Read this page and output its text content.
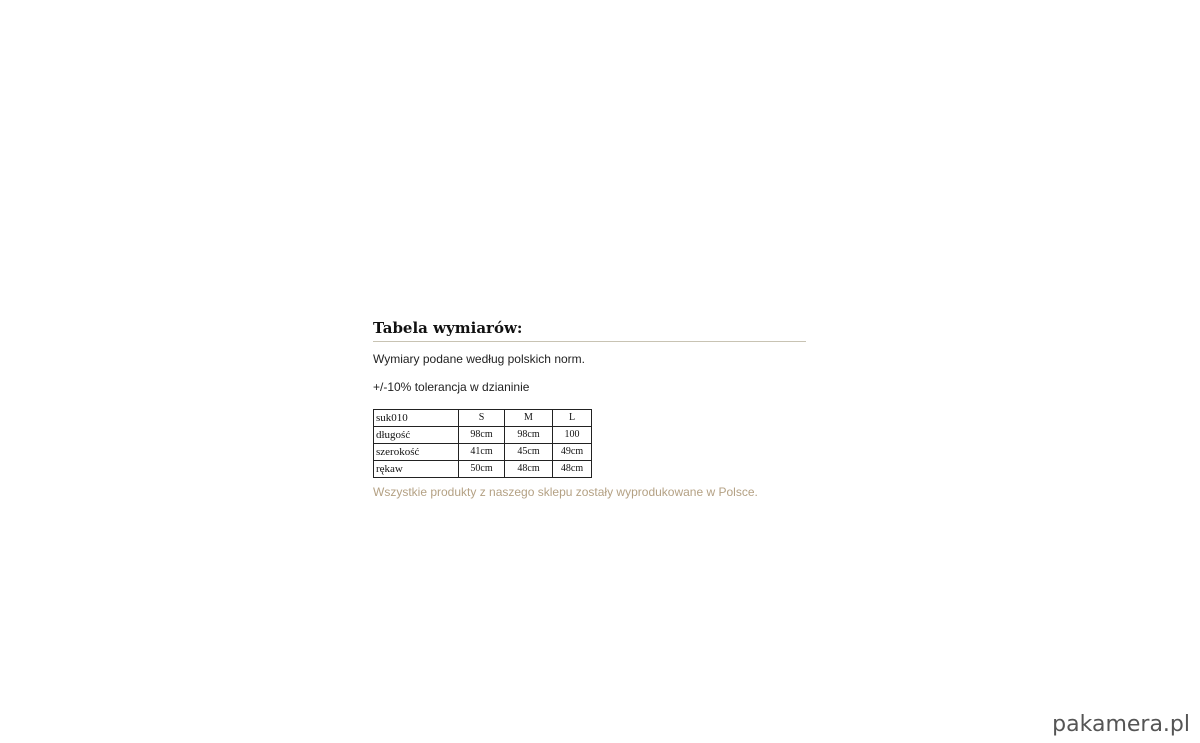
Tabela wymiarów:

Wymiary podane według polskich norm.

+/-10% tolerancja w dzianinie

suk010	S	M	L
długość	98cm	98cm	100
szerokość	41cm	45cm	49cm
rękaw	50cm	48cm	48cm

Wszystkie produkty z naszego sklepu zostały wyprodukowane w Polsce.

pakamera.pl
